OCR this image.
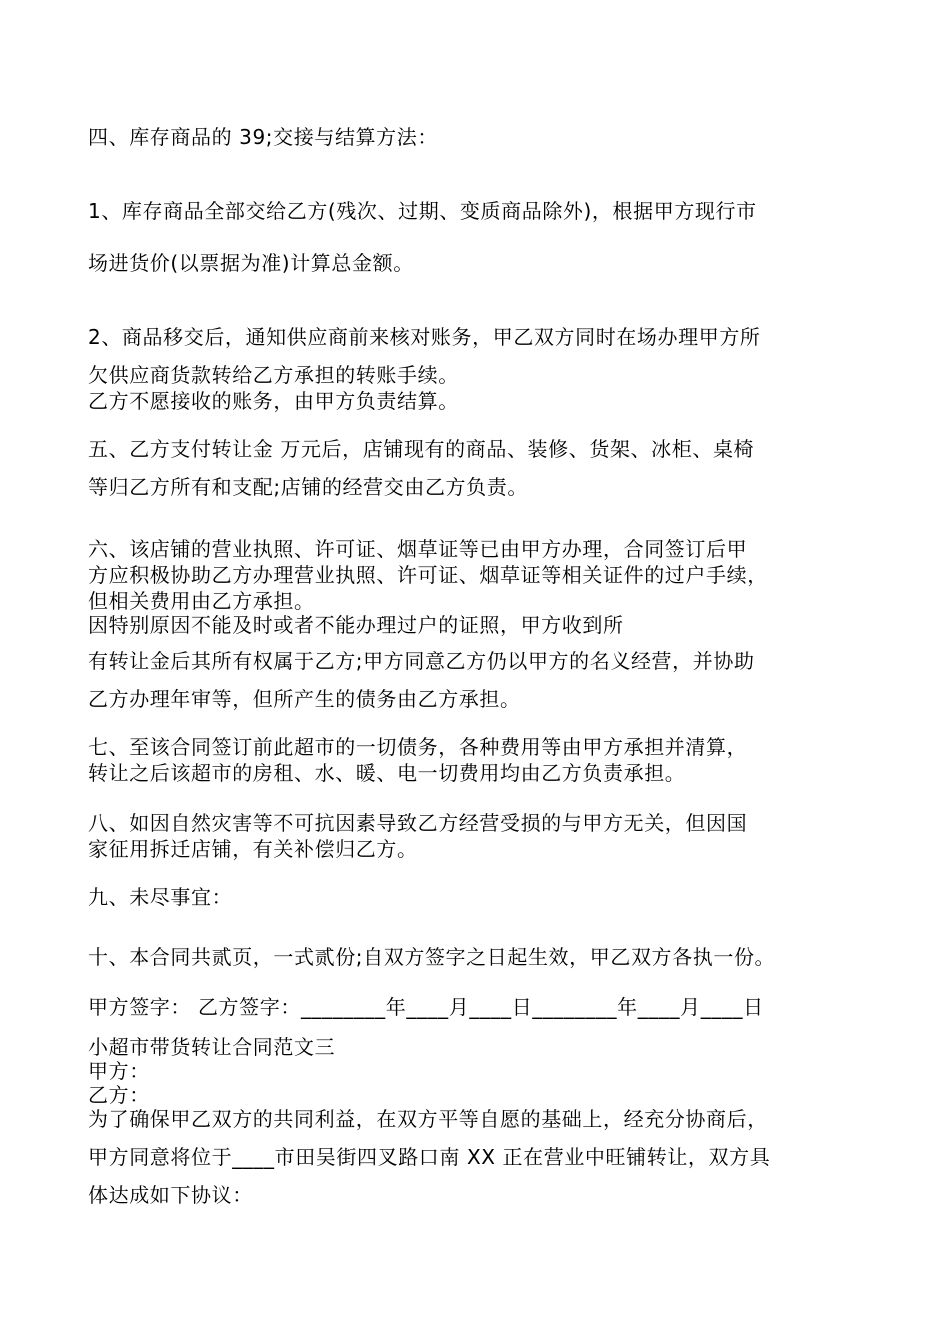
四、库存商品的 39;交接与结算方法：
1、库存商品全部交给乙方(残次、过期、变质商品除外)，根据甲方现行市
场进货价(以票据为准)计算总金额。
2、商品移交后，通知供应商前来核对账务，甲乙双方同时在场办理甲方所
欠供应商货款转给乙方承担的转账手续。
乙方不愿接收的账务，由甲方负责结算。
五、乙方支付转让金 万元后，店铺现有的商品、装修、货架、冰柜、桌椅
等归乙方所有和支配;店铺的经营交由乙方负责。
六、该店铺的营业执照、许可证、烟草证等已由甲方办理，合同签订后甲
方应积极协助乙方办理营业执照、许可证、烟草证等相关证件的过户手续，
但相关费用由乙方承担。
因特别原因不能及时或者不能办理过户的证照，甲方收到所
有转让金后其所有权属于乙方;甲方同意乙方仍以甲方的名义经营，并协助
乙方办理年审等，但所产生的债务由乙方承担。
七、至该合同签订前此超市的一切债务，各种费用等由甲方承担并清算，
转让之后该超市的房租、水、暖、电一切费用均由乙方负责承担。
八、如因自然灾害等不可抗因素导致乙方经营受损的与甲方无关，但因国
家征用拆迁店铺，有关补偿归乙方。
九、未尽事宜：
十、本合同共贰页，一式贰份;自双方签字之日起生效，甲乙双方各执一份。
甲方签字： 乙方签字：________年____月____日________年____月____日
小超市带货转让合同范文三
甲方：
乙方：
为了确保甲乙双方的共同利益，在双方平等自愿的基础上，经充分协商后，
甲方同意将位于____市田吴街四叉路口南 XX 正在营业中旺铺转让，双方具
体达成如下协议：
